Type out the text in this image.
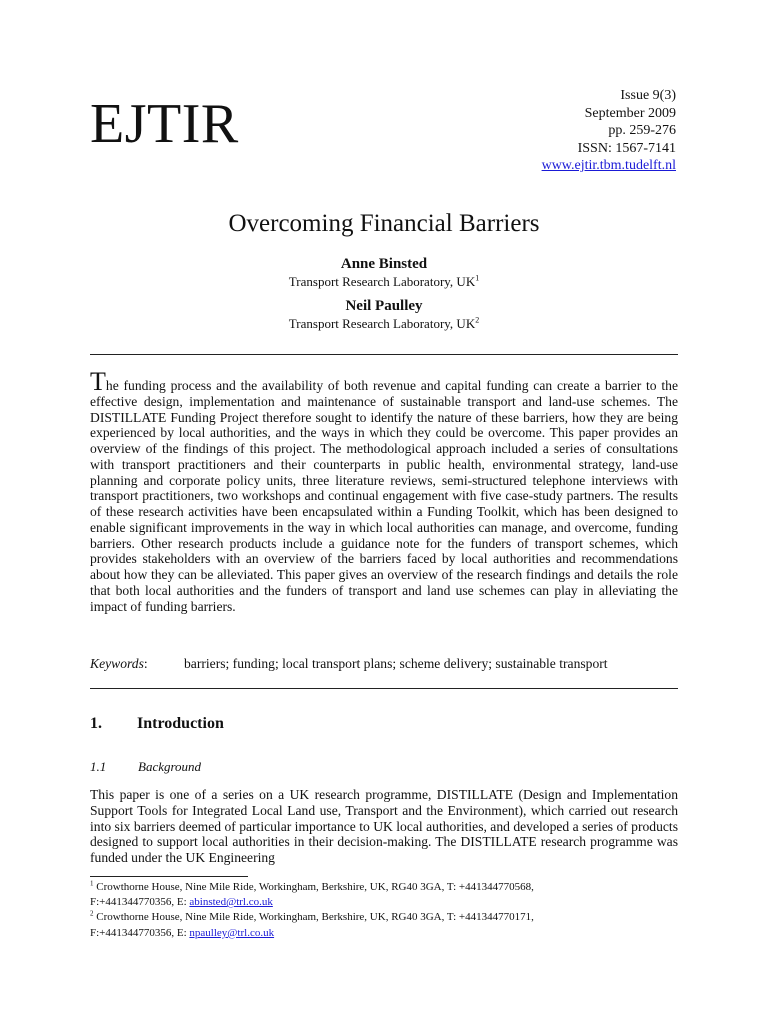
EJTIR	Issue 9(3)
September 2009
pp. 259-276
ISSN: 1567-7141
www.ejtir.tbm.tudelft.nl
Overcoming Financial Barriers
Anne Binsted
Transport Research Laboratory, $UK^1$
Neil Paulley
Transport Research Laboratory, $UK^2$

The funding process and the availability of both revenue and capital funding can create a barrier to the effective design, implementation and maintenance of sustainable transport and land-use schemes. The DISTILLATE Funding Project therefore sought to identify the nature of these barriers, how they are being experienced by local authorities, and the ways in which they could be overcome. This paper provides an overview of the findings of this project. The methodological approach included a series of consultations with transport practitioners and their counterparts in public health, environmental strategy, land-use planning and corporate policy units, three literature reviews, semi-structured telephone interviews with transport practitioners, two workshops and continual engagement with five case-study partners. The results of these research activities have been encapsulated within a Funding Toolkit, which has been designed to enable significant improvements in the way in which local authorities can manage, and overcome, funding barriers. Other research products include a guidance note for the funders of transport schemes, which provides stakeholders with an overview of the barriers faced by local authorities and recommendations about how they can be alleviated. This paper gives an overview of the research findings and details the role that both local authorities and the funders of transport and land use schemes can play in alleviating the impact of funding barriers.

Keywords:	barriers; funding; local transport plans; scheme delivery; sustainable transport
1. Introduction
1.1 Background

This paper is one of a series on a UK research programme, DISTILLATE (Design and Implementation Support Tools for Integrated Local Land use, Transport and the Environment), which carried out research into six barriers deemed of particular importance to UK local authorities, and developed a series of products designed to support local authorities in their decision-making. The DISTILLATE research programme was funded under the UK Engineering

$^1$ Crowthorne House, Nine Mile Ride, Workingham, Berkshire, UK, RG40 3GA, T: +441344770568,
F:+441344770356, E: abinsted@trl.co.uk
$^2$ Crowthorne House, Nine Mile Ride, Workingham, Berkshire, UK, RG40 3GA, T: +441344770171,
F:+441344770356, E: npaulley@trl.co.uk
